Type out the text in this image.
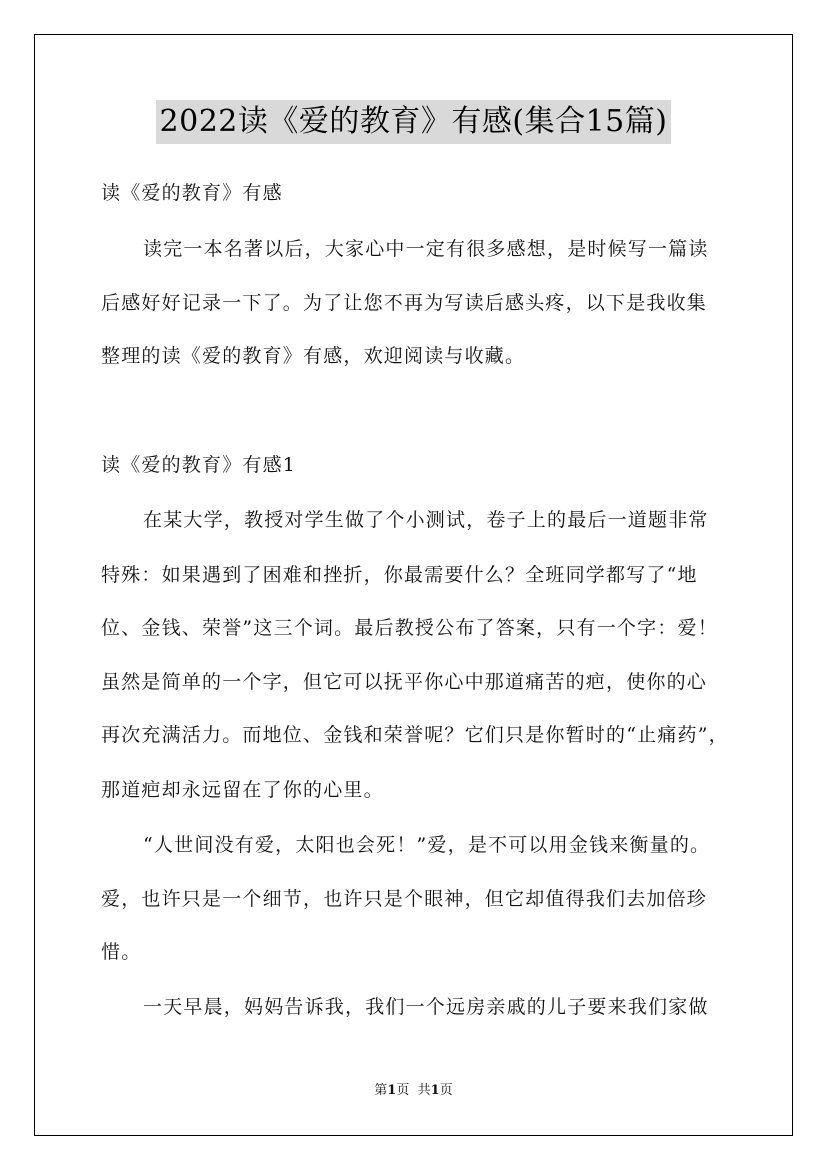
2022读《爱的教育》有感(集合15篇)
读《爱的教育》有感
读完一本名著以后，大家心中一定有很多感想，是时候写一篇读
后感好好记录一下了。为了让您不再为写读后感头疼，以下是我收集
整理的读《爱的教育》有感，欢迎阅读与收藏。
读《爱的教育》有感1
在某大学，教授对学生做了个小测试，卷子上的最后一道题非常
特殊：如果遇到了困难和挫折，你最需要什么？全班同学都写了“地
位、金钱、荣誉”这三个词。最后教授公布了答案，只有一个字：爱！
虽然是简单的一个字，但它可以抚平你心中那道痛苦的疤，使你的心
再次充满活力。而地位、金钱和荣誉呢？它们只是你暂时的“止痛药”，
那道疤却永远留在了你的心里。
“人世间没有爱，太阳也会死！”爱，是不可以用金钱来衡量的。
爱，也许只是一个细节，也许只是个眼神，但它却值得我们去加倍珍
惜。
一天早晨，妈妈告诉我，我们一个远房亲戚的儿子要来我们家做
第1页 共1页
